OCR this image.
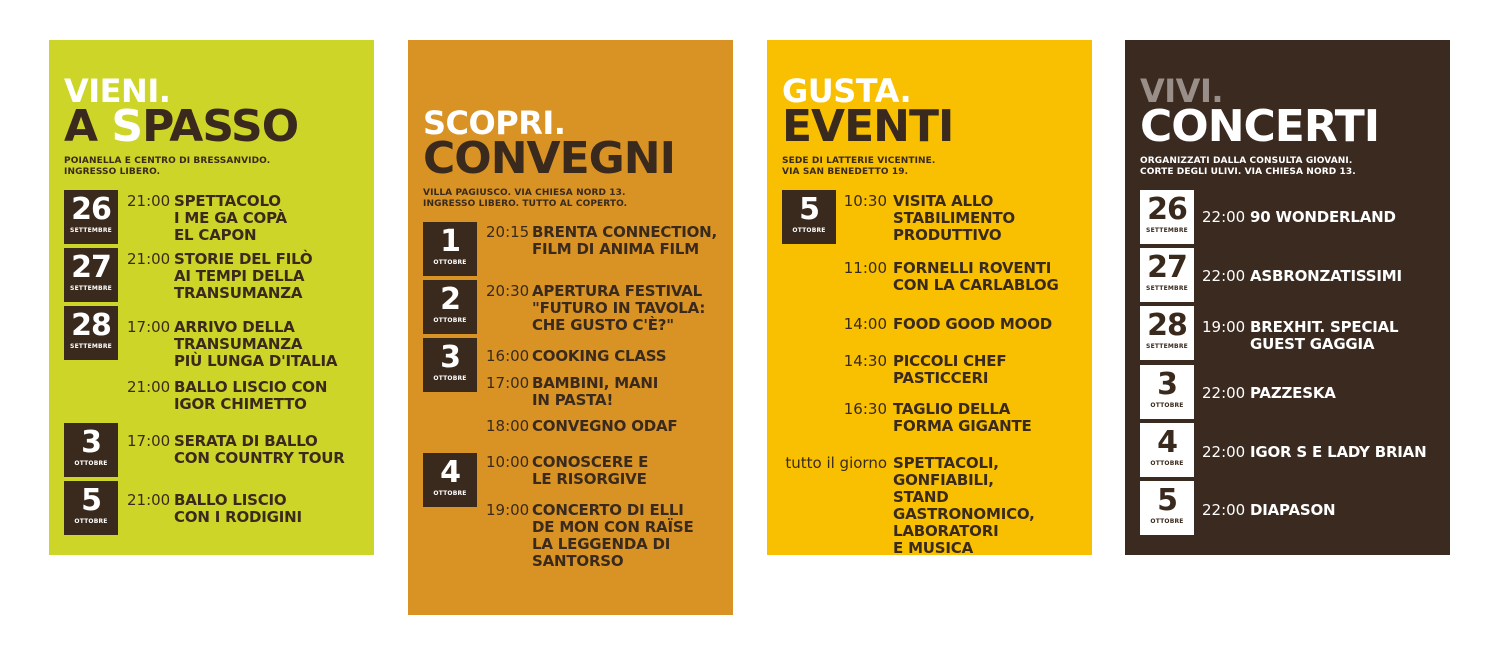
VIENI.
A SPASSO
POIANELLA E CENTRO DI BRESSANVIDO.
INGRESSO LIBERO.
26
SETTEMBRE
27
SETTEMBRE
28
SETTEMBRE
3
OTTOBRE
5
OTTOBRE
21:00 SPETTACOLO
I ME GA COPÀ
EL CAPON
21:00 STORIE DEL FILÒ
AI TEMPI DELLA
TRANSUMANZA
17:00 ARRIVO DELLA
TRANSUMANZA
PIÙ LUNGA D'ITALIA
21:00 BALLO LISCIO CON
IGOR CHIMETTO
17:00 SERATA DI BALLO
CON COUNTRY TOUR
21:00 BALLO LISCIO
CON I RODIGINI
SCOPRI.
CONVEGNI
VILLA PAGIUSCO. VIA CHIESA NORD 13.
INGRESSO LIBERO. TUTTO AL COPERTO.
1
OTTOBRE
2
OTTOBRE
3
OTTOBRE
4
OTTOBRE
20:15 BRENTA CONNECTION,
FILM DI ANIMA FILM
20:30 APERTURA FESTIVAL
"FUTURO IN TAVOLA:
CHE GUSTO C'È?"
16:00 COOKING CLASS
17:00 BAMBINI, MANI
IN PASTA!
18:00 CONVEGNO ODAF
10:00 CONOSCERE E
LE RISORGIVE
19:00 CONCERTO DI ELLI
DE MON CON RAÏSE
LA LEGGENDA DI
SANTORSO
GUSTA.
EVENTI
SEDE DI LATTERIE VICENTINE.
VIA SAN BENEDETTO 19.
5
OTTOBRE
10:30 VISITA ALLO
STABILIMENTO
PRODUTTIVO
11:00 FORNELLI ROVENTI
CON LA CARLABLOG
14:00 FOOD GOOD MOOD
14:30 PICCOLI CHEF
PASTICCERI
16:30 TAGLIO DELLA
FORMA GIGANTE
tutto il giorno SPETTACOLI,
GONFIABILI,
STAND GASTRONOMICO,
LABORATORI
E MUSICA
VIVI.
CONCERTI
ORGANIZZATI DALLA CONSULTA GIOVANI.
CORTE DEGLI ULIVI. VIA CHIESA NORD 13.
26
SETTEMBRE
27
SETTEMBRE
28
SETTEMBRE
3
OTTOBRE
4
OTTOBRE
5
OTTOBRE
22:00 90 WONDERLAND
22:00 ASBRONZATISSIMI
19:00 BREXHIT. SPECIAL
GUEST GAGGIA
22:00 PAZZESKA
22:00 IGOR S E LADY BRIAN
22:00 DIAPASON
